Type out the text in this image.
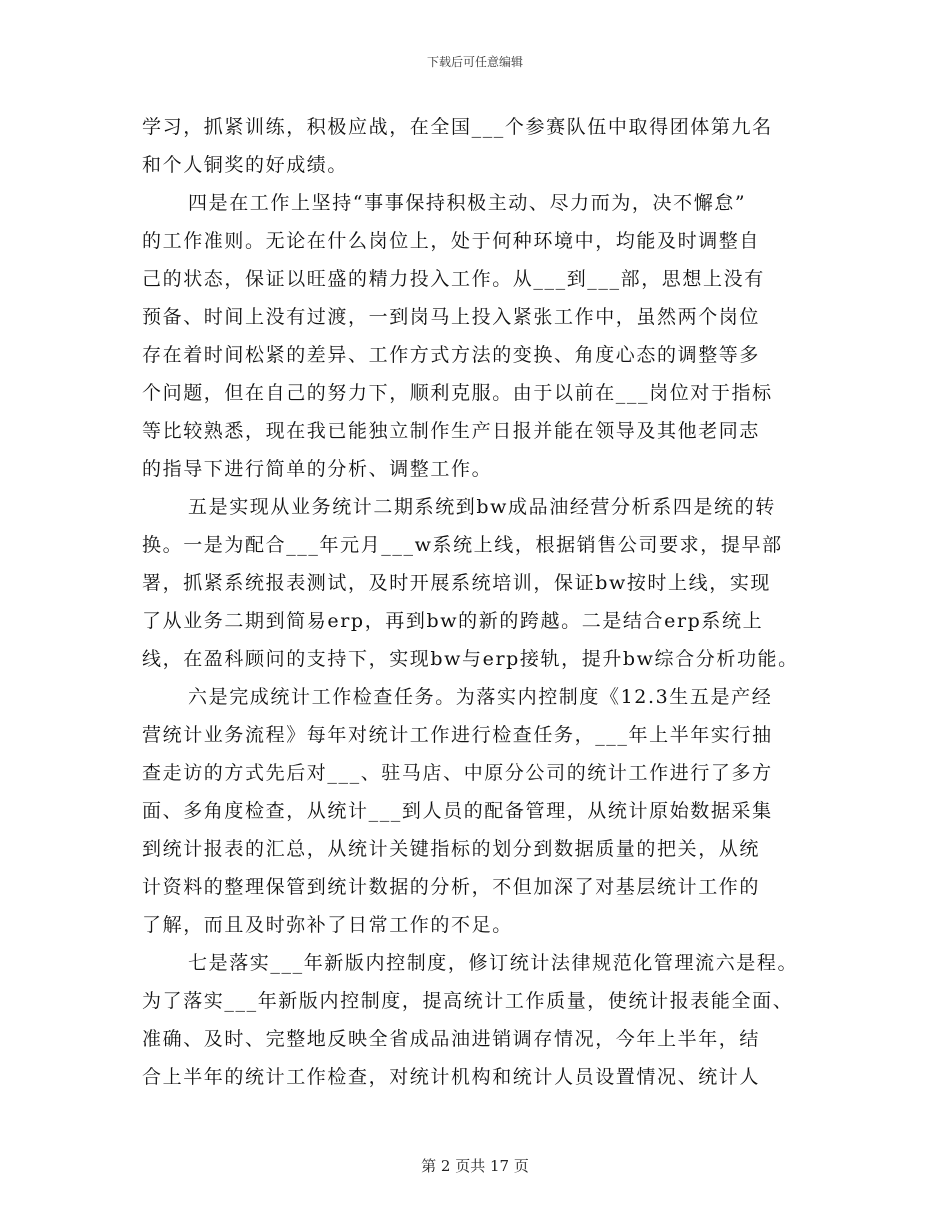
下载后可任意编辑
学习，抓紧训练，积极应战，在全国___个参赛队伍中取得团体第九名
和个人铜奖的好成绩。
四是在工作上坚持“事事保持积极主动、尽力而为，决不懈怠”
的工作准则。无论在什么岗位上，处于何种环境中，均能及时调整自
己的状态，保证以旺盛的精力投入工作。从___到___部，思想上没有
预备、时间上没有过渡，一到岗马上投入紧张工作中，虽然两个岗位
存在着时间松紧的差异、工作方式方法的变换、角度心态的调整等多
个问题，但在自己的努力下，顺利克服。由于以前在___岗位对于指标
等比较熟悉，现在我已能独立制作生产日报并能在领导及其他老同志
的指导下进行简单的分析、调整工作。
五是实现从业务统计二期系统到bw成品油经营分析系四是统的转
换。一是为配合___年元月___w系统上线，根据销售公司要求，提早部
署，抓紧系统报表测试，及时开展系统培训，保证bw按时上线，实现
了从业务二期到简易erp，再到bw的新的跨越。二是结合erp系统上
线，在盈科顾问的支持下，实现bw与erp接轨，提升bw综合分析功能。
六是完成统计工作检查任务。为落实内控制度《12.3生五是产经
营统计业务流程》每年对统计工作进行检查任务，___年上半年实行抽
查走访的方式先后对___、驻马店、中原分公司的统计工作进行了多方
面、多角度检查，从统计___到人员的配备管理，从统计原始数据采集
到统计报表的汇总，从统计关键指标的划分到数据质量的把关，从统
计资料的整理保管到统计数据的分析，不但加深了对基层统计工作的
了解，而且及时弥补了日常工作的不足。
七是落实___年新版内控制度，修订统计法律规范化管理流六是程。
为了落实___年新版内控制度，提高统计工作质量，使统计报表能全面、
准确、及时、完整地反映全省成品油进销调存情况，今年上半年，结
合上半年的统计工作检查，对统计机构和统计人员设置情况、统计人
第 2 页共 17 页
